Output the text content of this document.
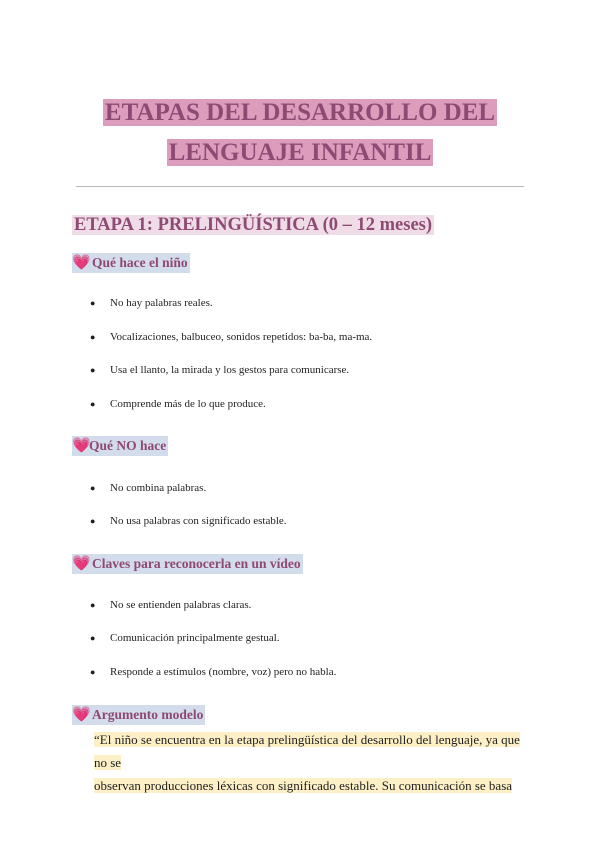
ETAPAS DEL DESARROLLO DEL
LENGUAJE INFANTIL
ETAPA 1: PRELINGÜÍSTICA (0 – 12 meses)
💗 Qué hace el niño
● No hay palabras reales.
● Vocalizaciones, balbuceo, sonidos repetidos: ba-ba, ma-ma.
● Usa el llanto, la mirada y los gestos para comunicarse.
● Comprende más de lo que produce.
💗
Qué NO hace
● No combina palabras.
● No usa palabras con significado estable.
💗 Claves para reconocerla en un vídeo
● No se entienden palabras claras.
● Comunicación principalmente gestual.
● Responde a estímulos (nombre, voz) pero no habla.
💗 Argumento modelo
“El niño se encuentra en la etapa prelingüística del desarrollo del lenguaje, ya que no se
observan producciones léxicas con significado estable. Su comunicación se basa
